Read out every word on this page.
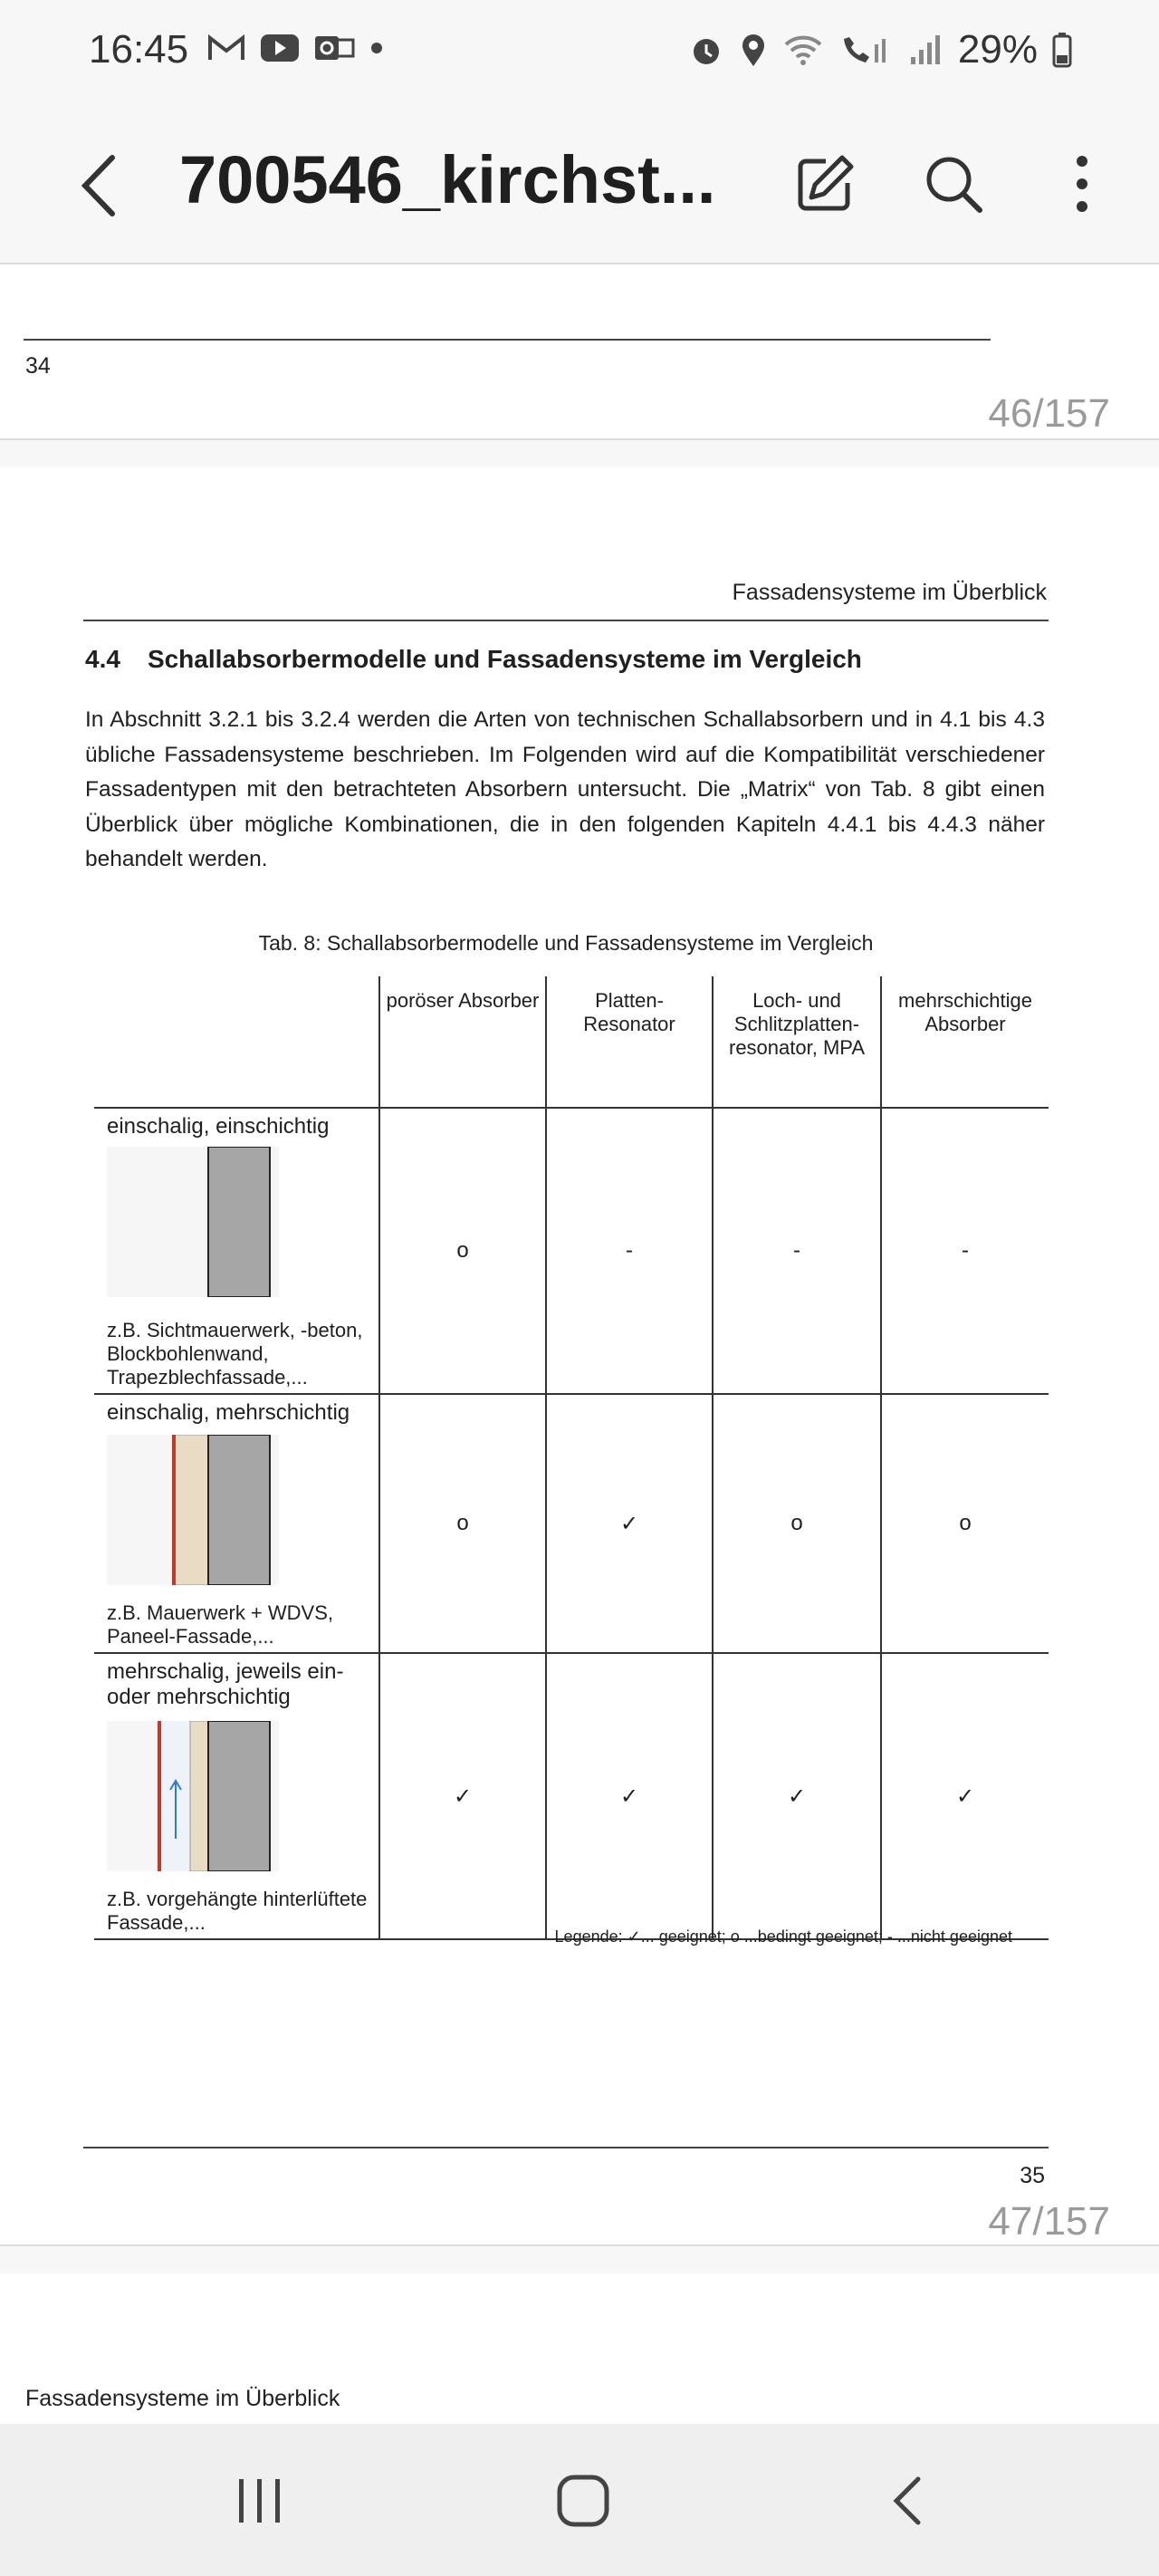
16:45	29%
700546_kirchst...
34
46/157
Fassadensysteme im Überblick
4.4 Schallabsorbermodelle und Fassadensysteme im Vergleich
In Abschnitt 3.2.1 bis 3.2.4 werden die Arten von technischen Schallabsorbern und in 4.1 bis 4.3 übliche Fassadensysteme beschrieben. Im Folgenden wird auf die Kompatibilität verschiedener Fassadentypen mit den betrachteten Absorbern untersucht. Die „Matrix“ von Tab. 8 gibt einen Überblick über mögliche Kombinationen, die in den folgenden Kapiteln 4.4.1 bis 4.4.3 näher behandelt werden.
Tab. 8: Schallabsorbermodelle und Fassadensysteme im Vergleich
	poröser Absorber	Platten-Resonator	Loch- und Schlitzplatten-resonator, MPA	mehrschichtige Absorber

einschalig, einschichtig
z.B. Sichtmauerwerk, -beton, Blockbohlenwand, Trapezblechfassade,...	o	-	-	-

einschalig, mehrschichtig
z.B. Mauerwerk + WDVS, Paneel-Fassade,...	o	✓	o	o

mehrschalig, jeweils ein- oder mehrschichtig
z.B. vorgehängte hinterlüftete Fassade,...	✓	✓	✓	✓
Legende: ✓... geeignet; o ...bedingt geeignet; - ...nicht geeignet
35
47/157
Fassadensysteme im Überblick
